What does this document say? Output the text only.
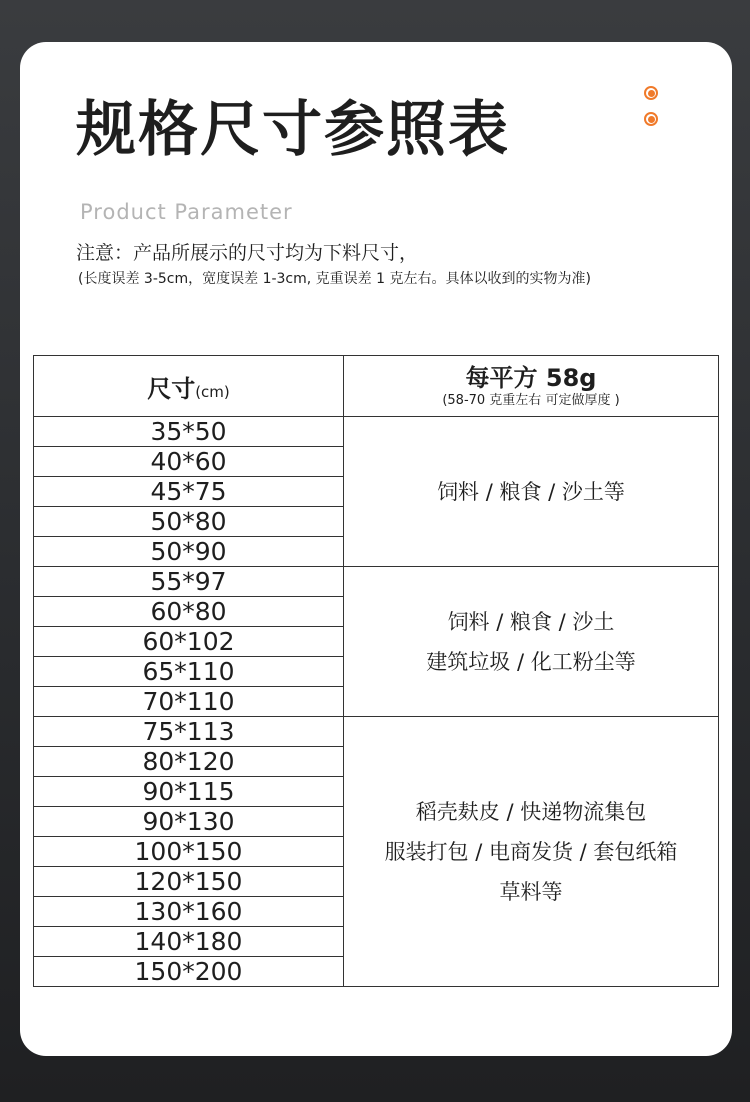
规格尺寸参照表
Product Parameter
注意：产品所展示的尺寸均为下料尺寸，
(长度误差 3-5cm，宽度误差 1-3cm, 克重误差 1 克左右。具体以收到的实物为准)
尺寸(cm)	每平方 58g
(58-70 克重左右 可定做厚度 )

35*50	饲料 / 粮食 / 沙土等

40*60	
45*75	
50*80	
50*90	
55*97	饲料 / 粮食 / 沙土
建筑垃圾 / 化工粉尘等

60*80	
60*102	
65*110	
70*110	
75*113	稻壳麸皮 / 快递物流集包
服装打包 / 电商发货 / 套包纸箱
草料等

80*120	
90*115	
90*130	
100*150	
120*150	
130*160	
140*180	
150*200	
